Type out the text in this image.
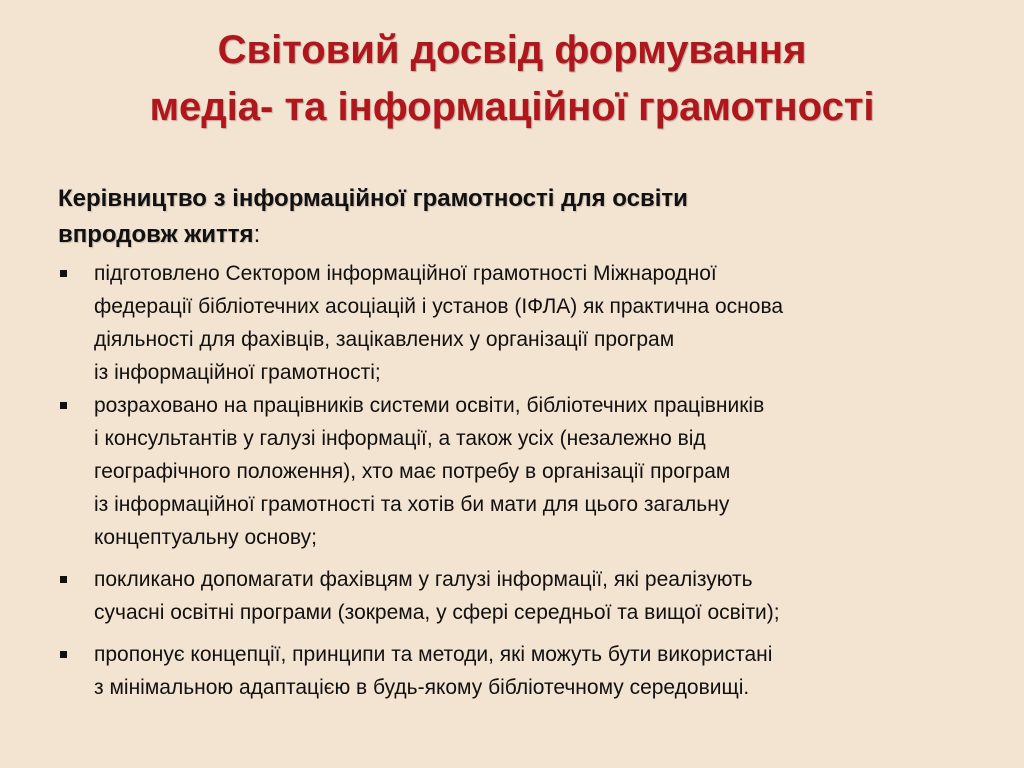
Світовий досвід формування
медіа- та інформаційної грамотності
Керівництво з інформаційної грамотності для освіти
впродовж життя:
підготовлено Сектором інформаційної грамотності Міжнародної
федерації бібліотечних асоціацій і установ (ІФЛА) як практична основа
діяльності для фахівців, зацікавлених у організації програм
із інформаційної грамотності;
розраховано на працівників системи освіти, бібліотечних працівників
і консультантів у галузі інформації, а також усіх (незалежно від
географічного положення), хто має потребу в організації програм
із інформаційної грамотності та хотів би мати для цього загальну
концептуальну основу;
покликано допомагати фахівцям у галузі інформації, які реалізують
сучасні освітні програми (зокрема, у сфері середньої та вищої освіти);
пропонує концепції, принципи та методи, які можуть бути використані
з мінімальною адаптацією в будь-якому бібліотечному середовищі.
